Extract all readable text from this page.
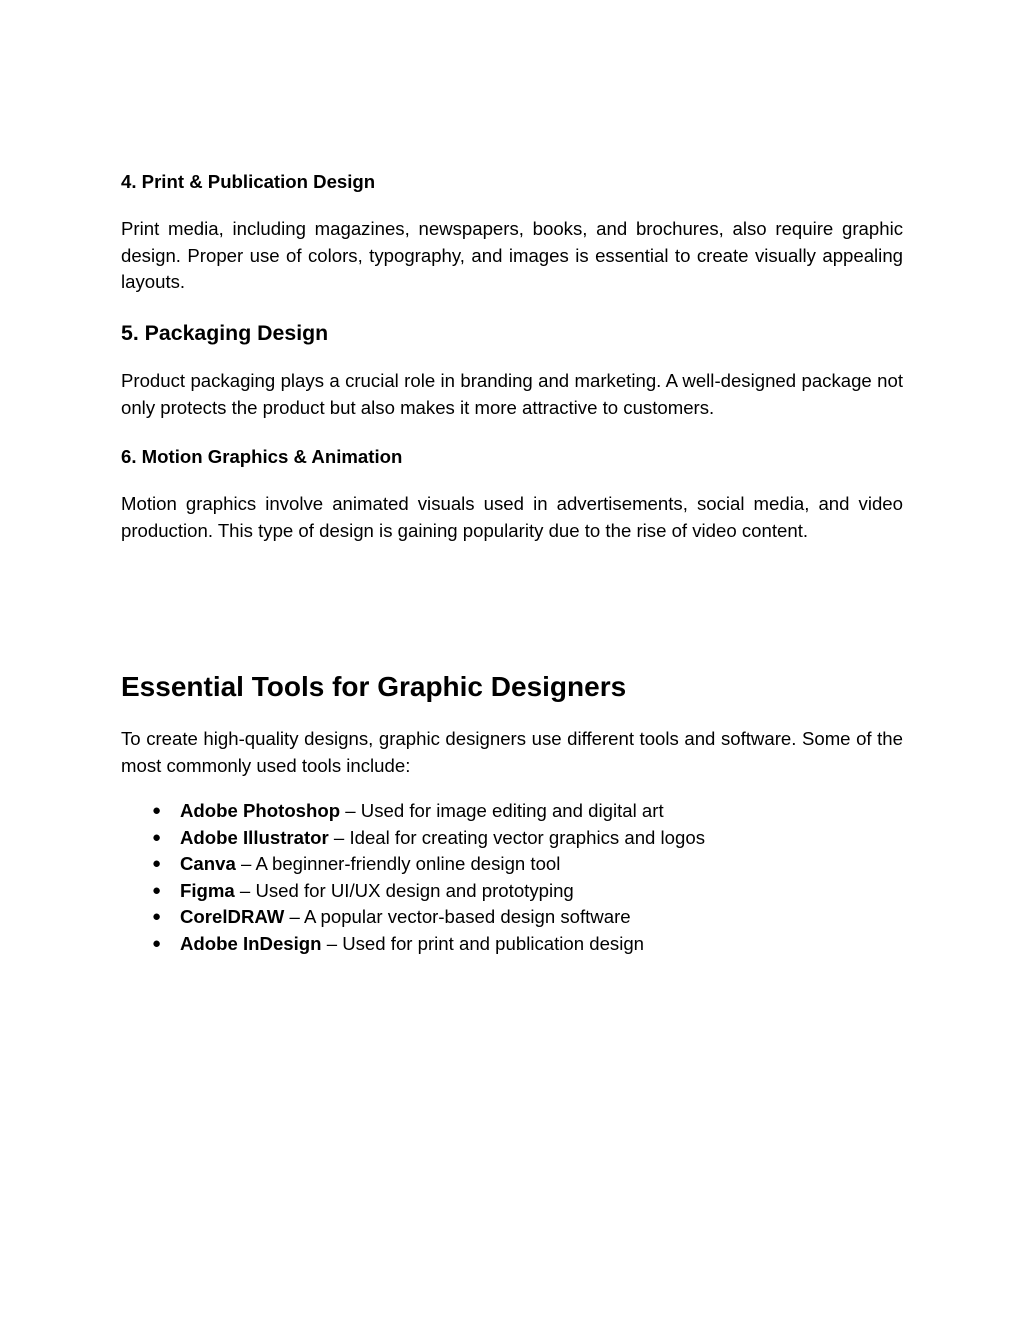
4. Print & Publication Design

Print media, including magazines, newspapers, books, and brochures, also require graphic design. Proper use of colors, typography, and images is essential to create visually appealing layouts.

5. Packaging Design

Product packaging plays a crucial role in branding and marketing. A well-designed package not only protects the product but also makes it more attractive to customers.

6. Motion Graphics & Animation

Motion graphics involve animated visuals used in advertisements, social media, and video production. This type of design is gaining popularity due to the rise of video content.

Essential Tools for Graphic Designers

To create high-quality designs, graphic designers use different tools and software. Some of the most commonly used tools include:

● Adobe Photoshop – Used for image editing and digital art
● Adobe Illustrator – Ideal for creating vector graphics and logos
● Canva – A beginner-friendly online design tool
● Figma – Used for UI/UX design and prototyping
● CorelDRAW – A popular vector-based design software
● Adobe InDesign – Used for print and publication design
